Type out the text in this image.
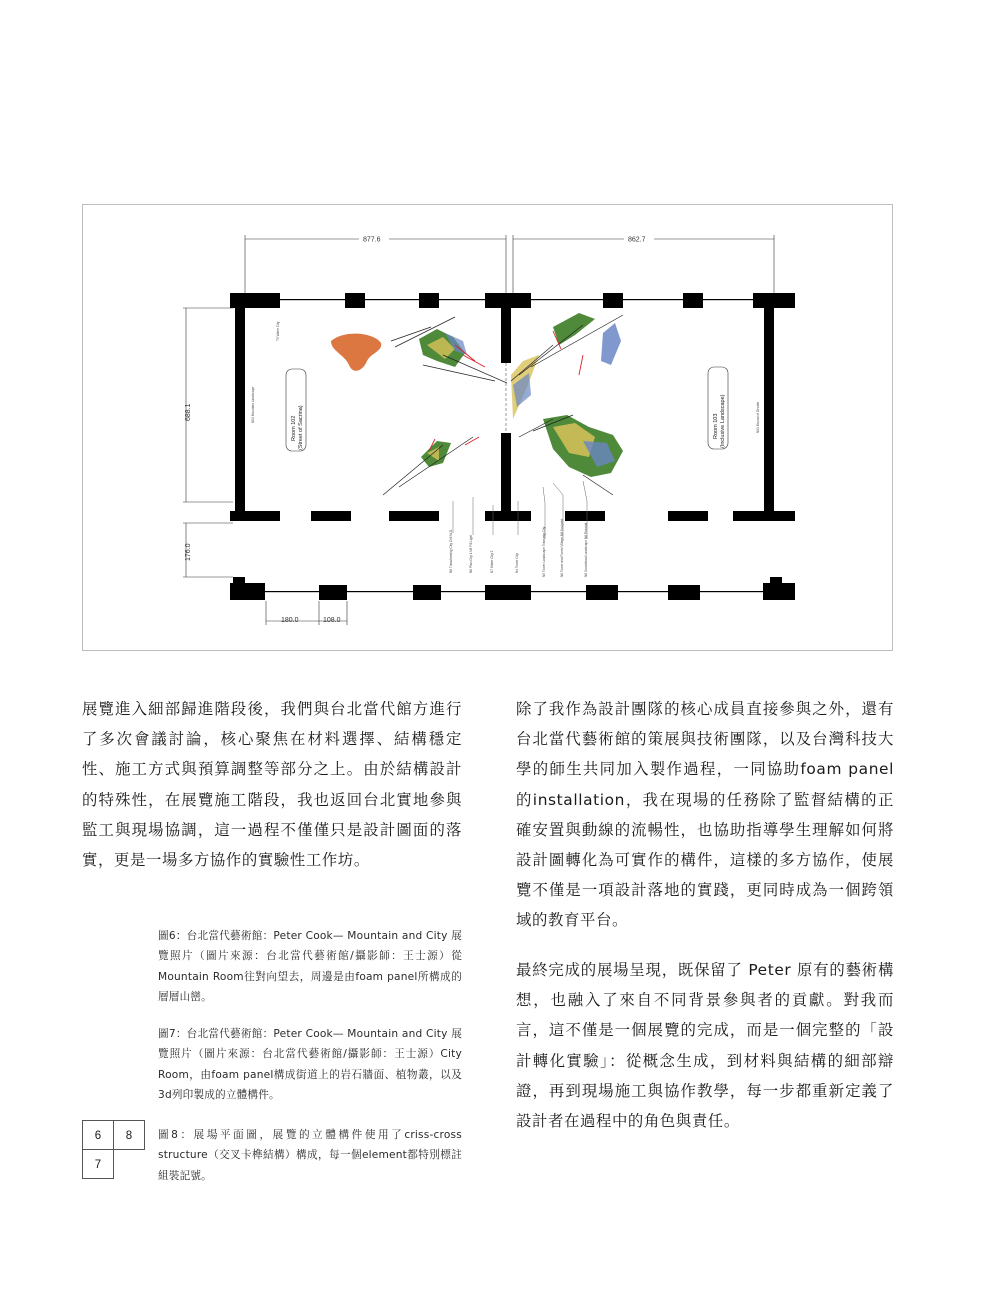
877.6	862.7
688.1
176.0
180.0	108.0
Room 102 (Street of Sacrina)	Room 103 (Inclusive Landscape)
T5 Water City
N01 Mountain Landscape	N01 Mound of Growth
N6 Transforming City Cell W.D.	N6 Plan City 1 N5 Fill Light	N7 Water City 2	N4 Tower City	N5 Tower Landscape Transmig City	N6 Tower and Forest Village N8 Sculpted	N6 Sociational Landscape N6 Pictorial

展覽進入細部歸進階段後，我們與台北當代館方進行了多次會議討論，核心聚焦在材料選擇、結構穩定性、施工方式與預算調整等部分之上。由於結構設計的特殊性，在展覽施工階段，我也返回台北實地參與監工與現場協調，這一過程不僅僅只是設計圖面的落實，更是一場多方協作的實驗性工作坊。

除了我作為設計團隊的核心成員直接參與之外，還有台北當代藝術館的策展與技術團隊，以及台灣科技大學的師生共同加入製作過程，一同協助foam panel的installation，我在現場的任務除了監督結構的正確安置與動線的流暢性，也協助指導學生理解如何將設計圖轉化為可實作的構件，這樣的多方協作，使展覽不僅是一項設計落地的實踐，更同時成為一個跨領域的教育平台。

最終完成的展場呈現，既保留了 Peter 原有的藝術構想，也融入了來自不同背景參與者的貢獻。對我而言，這不僅是一個展覽的完成，而是一個完整的「設計轉化實驗」：從概念生成，到材料與結構的細部辯證，再到現場施工與協作教學，每一步都重新定義了設計者在過程中的角色與責任。

圖6：台北當代藝術館：Peter Cook— Mountain and City 展覽照片（圖片來源：台北當代藝術館/攝影師：王士源）從Mountain Room往對向望去，周邊是由foam panel所構成的層層山巒。

圖7：台北當代藝術館：Peter Cook— Mountain and City 展覽照片（圖片來源：台北當代藝術館/攝影師：王士源）City Room，由foam panel構成街道上的岩石牆面、植物叢，以及3d列印製成的立體構件。

圖8：展場平面圖，展覽的立體構件使用了criss-cross structure（交叉卡榫結構）構成，每一個element都特別標註組裝記號。

6	8
7
